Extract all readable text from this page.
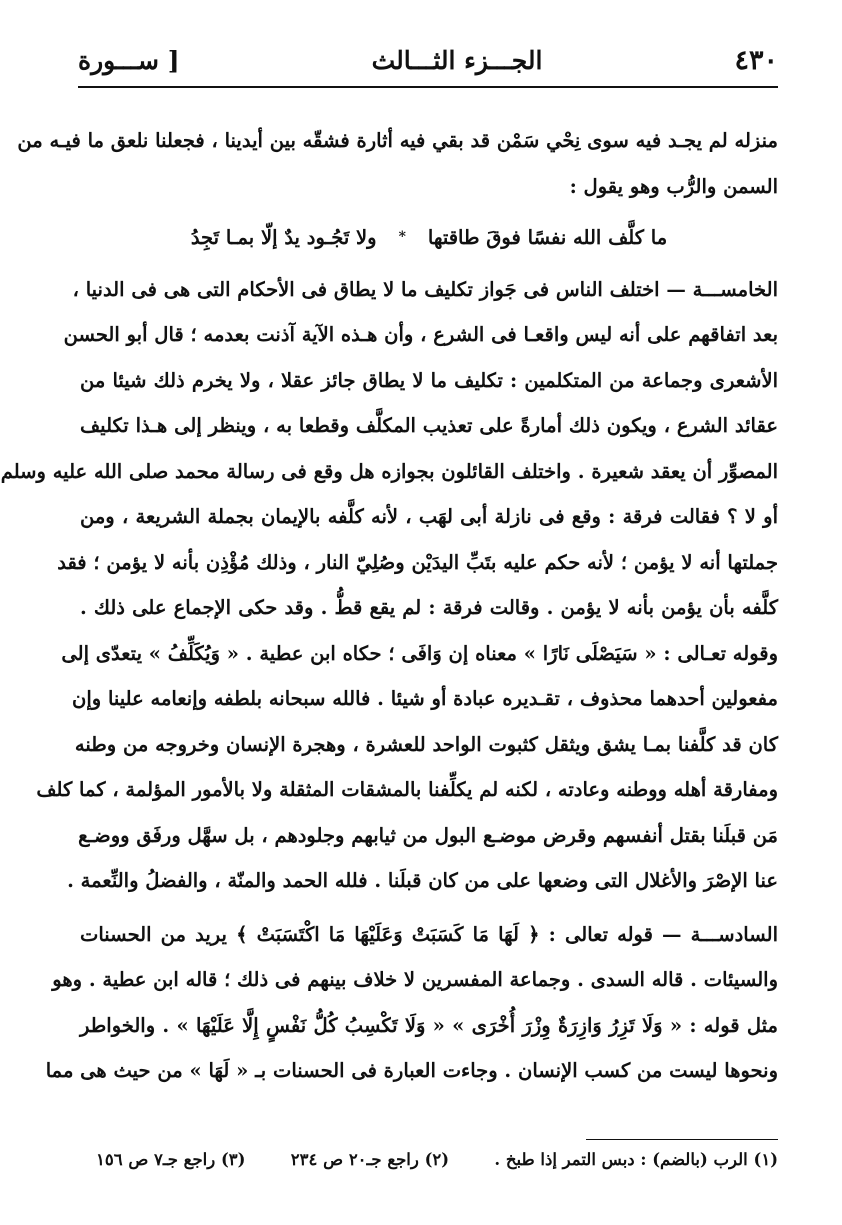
[ ســـورة	الجـــزء الثـــالث	٤٣٠
منزله لم يجـد فيه سوى نِحْي سَمْن قد بقي فيه أثارة فشقّه بين أيدينا ، فجعلنا نلعق ما فيـه من
السمن والرُّب وهو يقول :
ما كلَّف الله نفسًا فوقَ طاقتها
*
ولا تَجُـود يدٌ إلّا بمـا تَجِدُ
الخامســـة — اختلف الناس فى جَواز تكليف ما لا يطاق فى الأحكام التى هى فى الدنيا ،
بعد اتفاقهم على أنه ليس واقعـا فى الشرع ، وأن هـذه الآية آذنت بعدمه ؛ قال أبو الحسن
الأشعرى وجماعة من المتكلمين : تكليف ما لا يطاق جائز عقلا ، ولا يخرم ذلك شيئا من
عقائد الشرع ، ويكون ذلك أمارةً على تعذيب المكلَّف وقطعا به ، وينظر إلى هـذا تكليف
المصوِّر أن يعقد شعيرة . واختلف القائلون بجوازه هل وقع فى رسالة محمد صلى الله عليه وسلم
أو لا ؟ فقالت فرقة : وقع فى نازلة أبى لهَب ، لأنه كلَّفه بالإيمان بجملة الشريعة ، ومن
جملتها أنه لا يؤمن ؛ لأنه حكم عليه بتَبِّ اليدَيْن وصُلِيّ النار ، وذلك مُؤْذِن بأنه لا يؤمن ؛ فقد
كلَّفه بأن يؤمن بأنه لا يؤمن . وقالت فرقة : لم يقع قطُّ . وقد حكى الإجماع على ذلك .
وقوله تعـالى : « سَيَصْلَى نَارًا » معناه إن وَافَى ؛ حكاه ابن عطية . « وَيُكَلِّفُ » يتعدّى إلى
مفعولين أحدهما محذوف ، تقـديره عبادة أو شيئا . فالله سبحانه بلطفه وإنعامه علينا وإن
كان قد كلَّفنا بمـا يشق ويثقل كثبوت الواحد للعشرة ، وهجرة الإنسان وخروجه من وطنه
ومفارقة أهله ووطنه وعادته ، لكنه لم يكلِّفنا بالمشقات المثقلة ولا بالأمور المؤلمة ، كما كلف
مَن قبلَنا بقتل أنفسهم وقرض موضـع البول من ثيابهم وجلودهم ، بل سهَّل ورفَق ووضـع
عنا الإصْرَ والأغلال التى وضعها على من كان قبلَنا . فلله الحمد والمنّة ، والفضلُ والنِّعمة .
السادســـة — قوله تعالى : ﴿ لَهَا مَا كَسَبَتْ وَعَلَيْهَا مَا اكْتَسَبَتْ ﴾ يريد من الحسنات
والسيئات . قاله السدى . وجماعة المفسرين لا خلاف بينهم فى ذلك ؛ قاله ابن عطية . وهو
مثل قوله : « وَلَا تَزِرُ وَازِرَةٌ وِزْرَ أُخْرَى » « وَلَا تَكْسِبُ كُلُّ نَفْسٍ إِلَّا عَلَيْهَا » . والخواطر
ونحوها ليست من كسب الإنسان . وجاءت العبارة فى الحسنات بـ « لَهَا » من حيث هى مما
(١) الرب (بالضم) : دبس التمر إذا طبخ .
(٢) راجع جـ٢٠ ص ٢٣٤
(٣) راجع جـ٧ ص ١٥٦
